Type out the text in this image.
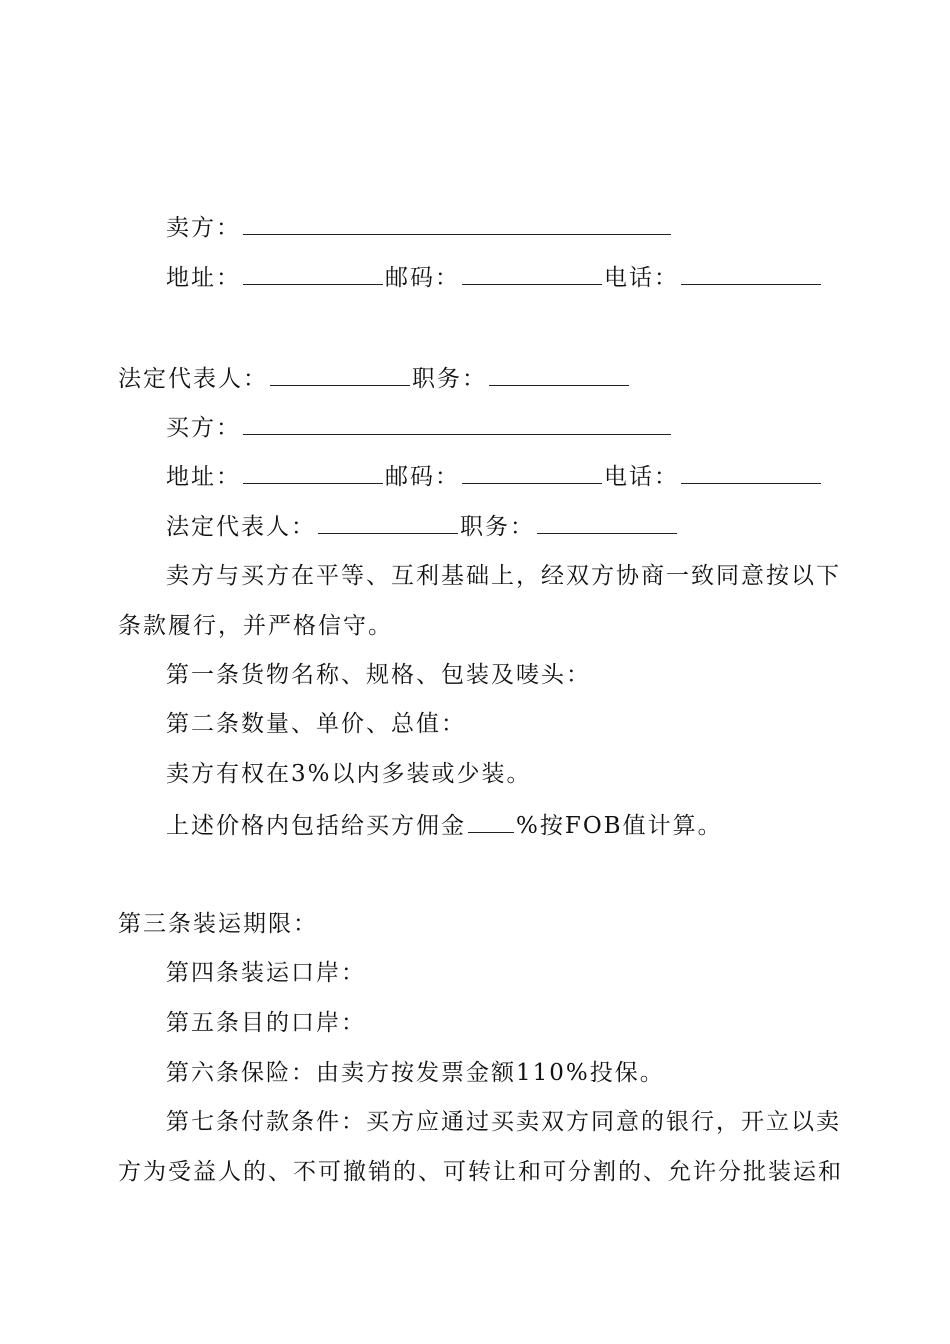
卖方：
地址：	邮码：	电话：
法定代表人：	职务：
买方：
地址：	邮码：	电话：
法定代表人：	职务：
卖方与买方在平等、互利基础上，经双方协商一致同意按以下
条款履行，并严格信守。
第一条货物名称、规格、包装及唛头：
第二条数量、单价、总值：
卖方有权在3%以内多装或少装。
上述价格内包括给买方佣金 %按FOB值计算。
第三条装运期限：
第四条装运口岸：
第五条目的口岸：
第六条保险：由卖方按发票金额110%投保。
第七条付款条件：买方应通过买卖双方同意的银行，开立以卖
方为受益人的、不可撤销的、可转让和可分割的、允许分批装运和
